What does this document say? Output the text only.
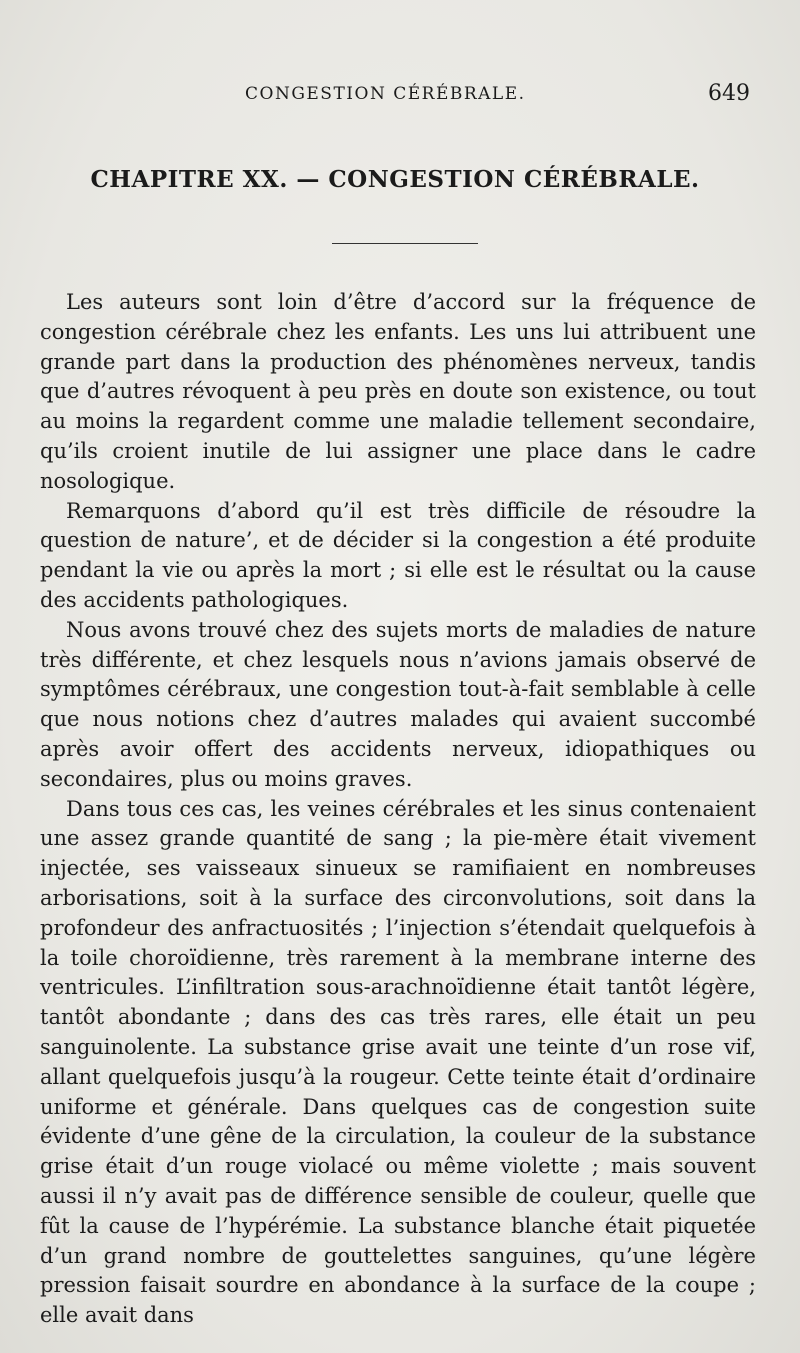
CONGESTION CÉRÉBRALE.	649
CHAPITRE XX. — CONGESTION CÉRÉBRALE.

Les auteurs sont loin d’être d’accord sur la fréquence de congestion cérébrale chez les enfants. Les uns lui attribuent une grande part dans la production des phénomènes nerveux, tandis que d’autres révoquent à peu près en doute son existence, ou tout au moins la regardent comme une maladie tellement secondaire, qu’ils croient inutile de lui assigner une place dans le cadre nosologique.

Remarquons d’abord qu’il est très difficile de résoudre la question de nature’, et de décider si la congestion a été produite pendant la vie ou après la mort ; si elle est le résultat ou la cause des accidents pathologiques.

Nous avons trouvé chez des sujets morts de maladies de nature très différente, et chez lesquels nous n’avions jamais observé de symptômes cérébraux, une congestion tout-à-fait semblable à celle que nous notions chez d’autres malades qui avaient succombé après avoir offert des accidents nerveux, idiopathiques ou secondaires, plus ou moins graves.

Dans tous ces cas, les veines cérébrales et les sinus contenaient une assez grande quantité de sang ; la pie-mère était vivement injectée, ses vaisseaux sinueux se ramifiaient en nombreuses arborisations, soit à la surface des circonvolutions, soit dans la profondeur des anfractuosités ; l’injection s’étendait quelquefois à la toile choroïdienne, très rarement à la membrane interne des ventricules. L’infiltration sous-arachnoïdienne était tantôt légère, tantôt abondante ; dans des cas très rares, elle était un peu sanguinolente. La substance grise avait une teinte d’un rose vif, allant quelquefois jusqu’à la rougeur. Cette teinte était d’ordinaire uniforme et générale. Dans quelques cas de congestion suite évidente d’une gêne de la circulation, la couleur de la substance grise était d’un rouge violacé ou même violette ; mais souvent aussi il n’y avait pas de différence sensible de couleur, quelle que fût la cause de l’hypérémie. La substance blanche était piquetée d’un grand nombre de gouttelettes sanguines, qu’une légère pression faisait sourdre en abondance à la surface de la coupe ; elle avait dans
